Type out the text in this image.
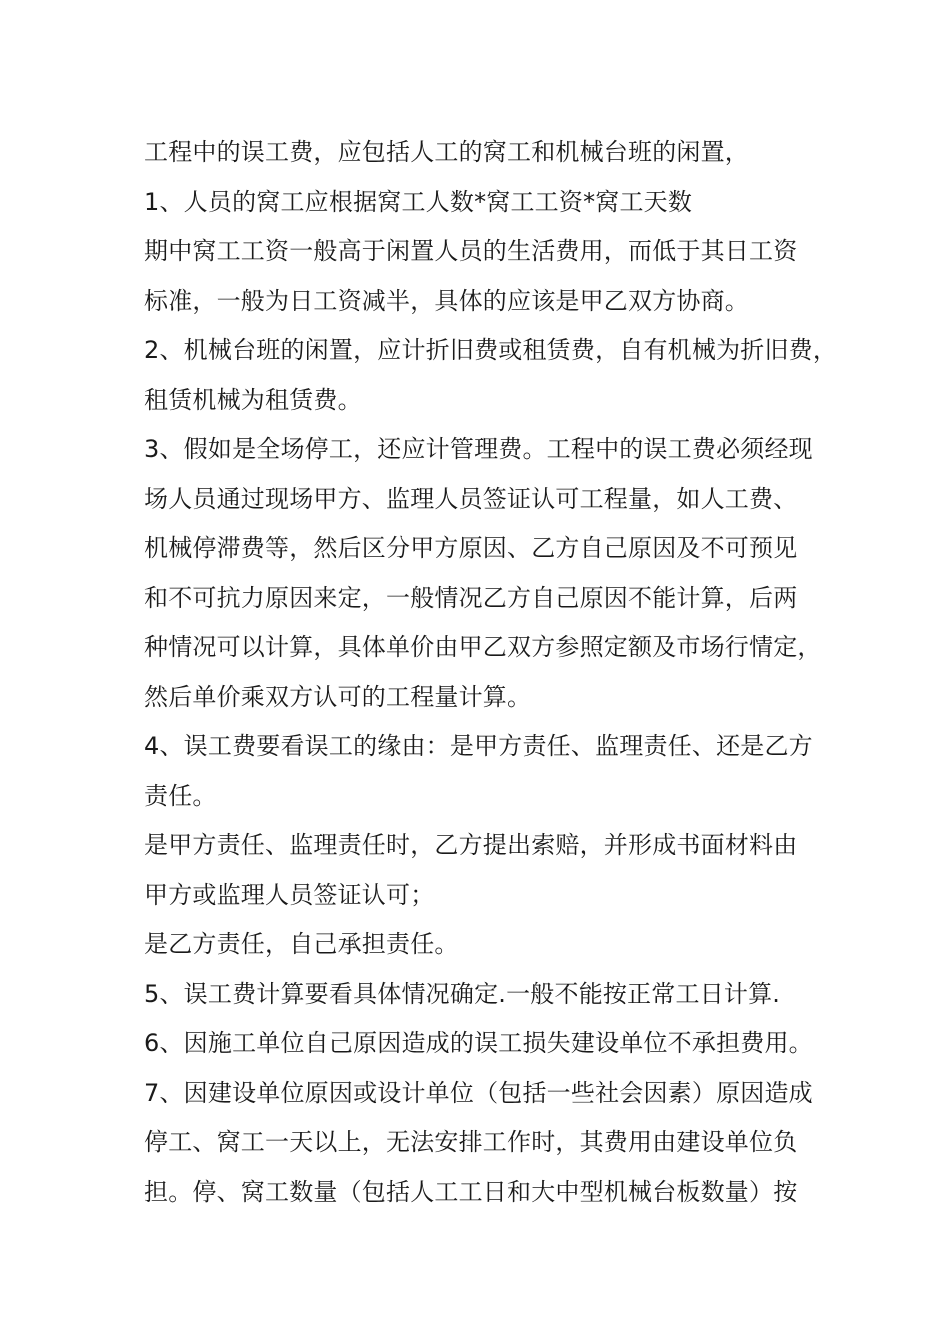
工程中的误工费，应包括人工的窝工和机械台班的闲置，
1、人员的窝工应根据窝工人数*窝工工资*窝工天数
期中窝工工资一般高于闲置人员的生活费用，而低于其日工资
标准，一般为日工资减半，具体的应该是甲乙双方协商。
2、机械台班的闲置，应计折旧费或租赁费，自有机械为折旧费，
租赁机械为租赁费。
3、假如是全场停工，还应计管理费。工程中的误工费必须经现
场人员通过现场甲方、监理人员签证认可工程量，如人工费、
机械停滞费等，然后区分甲方原因、乙方自己原因及不可预见
和不可抗力原因来定，一般情况乙方自己原因不能计算，后两
种情况可以计算，具体单价由甲乙双方参照定额及市场行情定，
然后单价乘双方认可的工程量计算。
4、误工费要看误工的缘由：是甲方责任、监理责任、还是乙方
责任。
是甲方责任、监理责任时，乙方提出索赔，并形成书面材料由
甲方或监理人员签证认可；
是乙方责任，自己承担责任。
5、误工费计算要看具体情况确定.一般不能按正常工日计算.
6、因施工单位自己原因造成的误工损失建设单位不承担费用。
7、因建设单位原因或设计单位（包括一些社会因素）原因造成
停工、窝工一天以上，无法安排工作时，其费用由建设单位负
担。停、窝工数量（包括人工工日和大中型机械台板数量）按
